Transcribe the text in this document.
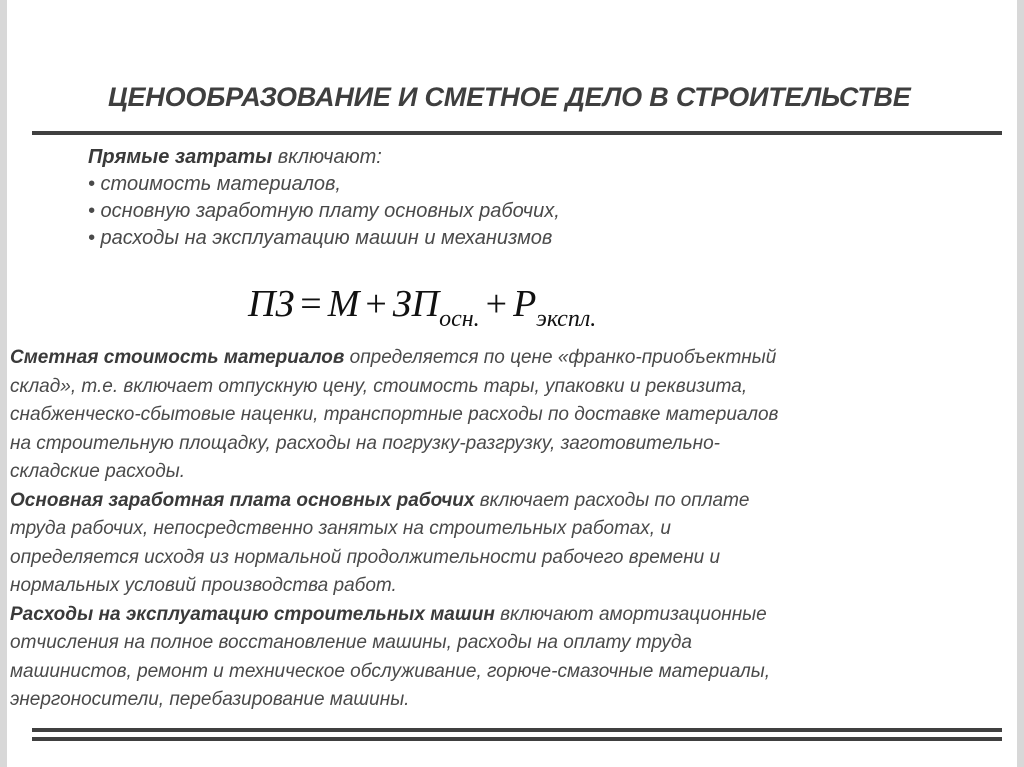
ЦЕНООБРАЗОВАНИЕ И СМЕТНОЕ ДЕЛО В СТРОИТЕЛЬСТВЕ
Прямые затраты включают:
• стоимость материалов,
• основную заработную плату основных рабочих,
• расходы на эксплуатацию машин и механизмов
ПЗ = $М + ЗП_{осн.} + Р_{экспл.}$
Сметная стоимость материалов определяется по цене «франко-приобъектный
склад», т.е. включает отпускную цену, стоимость тары, упаковки и реквизита,
снабженческо-сбытовые наценки, транспортные расходы по доставке материалов
на строительную площадку, расходы на погрузку-разгрузку, заготовительно-
складские расходы.
Основная заработная плата основных рабочих включает расходы по оплате
труда рабочих, непосредственно занятых на строительных работах, и
определяется исходя из нормальной продолжительности рабочего времени и
нормальных условий производства работ.
Расходы на эксплуатацию строительных машин включают амортизационные
отчисления на полное восстановление машины, расходы на оплату труда
машинистов, ремонт и техническое обслуживание, горюче-смазочные материалы,
энергоносители, перебазирование машины.
